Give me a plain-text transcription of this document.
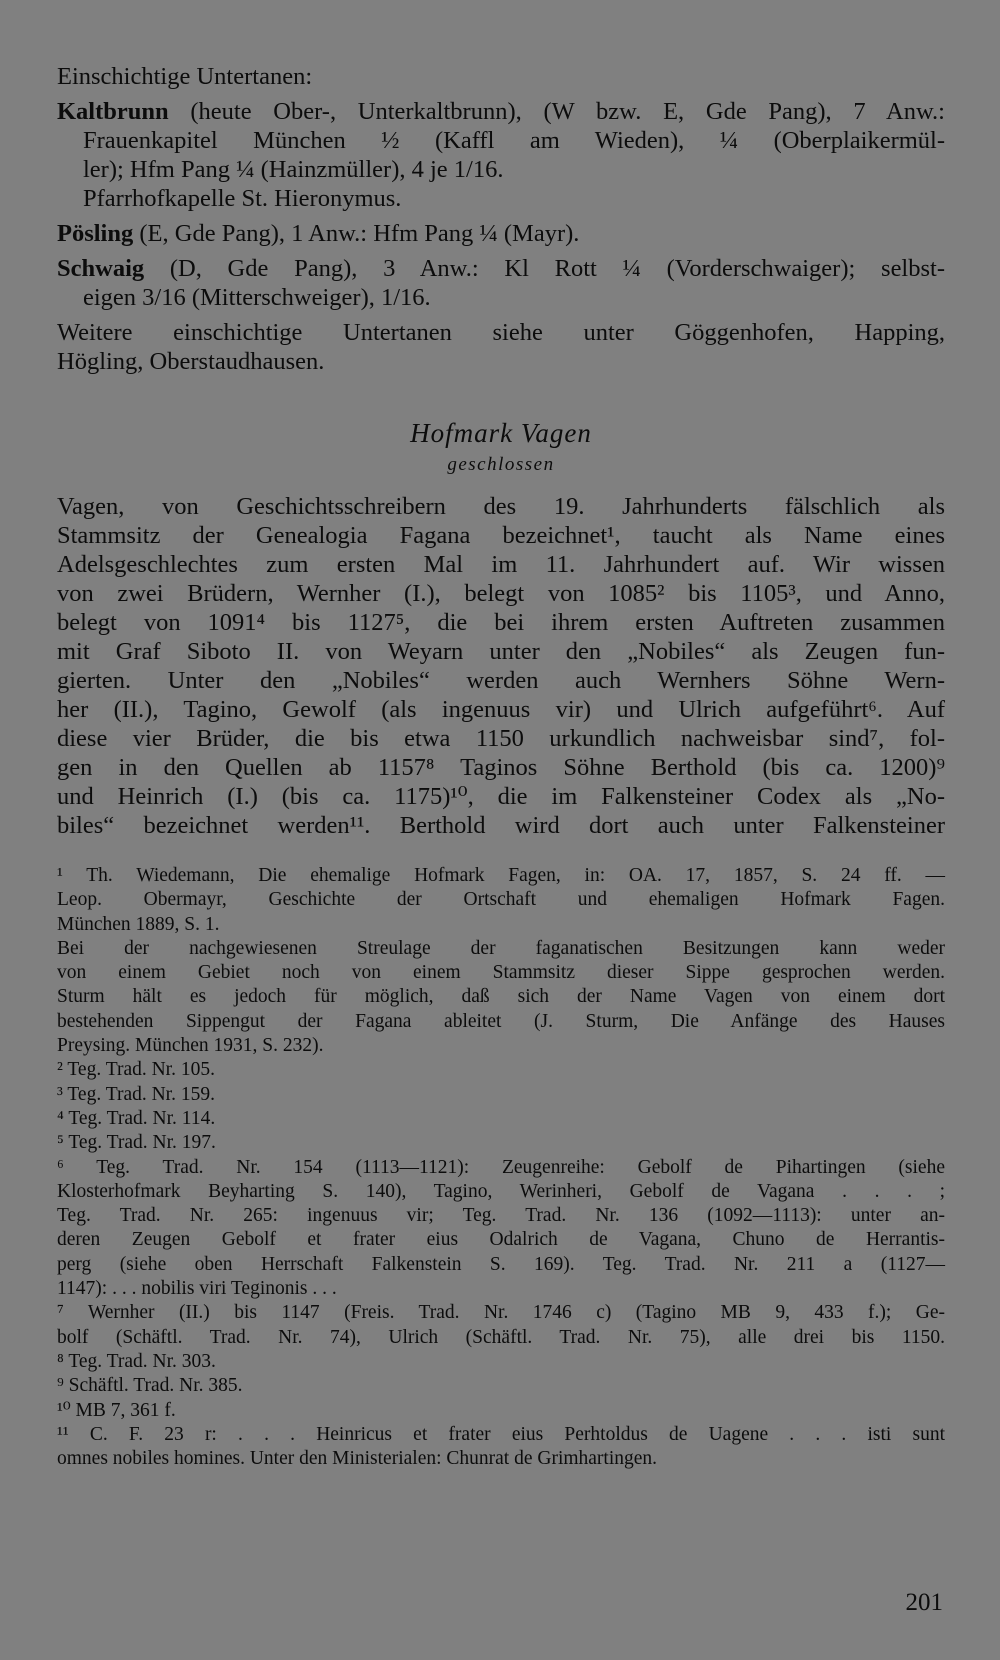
Einschichtige Untertanen:

Kaltbrunn (heute Ober-, Unterkaltbrunn), (W bzw. E, Gde Pang), 7 Anw.:

Frauenkapitel München ½ (Kaffl am Wieden), ¼ (Oberplaikermül-

ler); Hfm Pang ¼ (Hainzmüller), 4 je 1/16.

Pfarrhofkapelle St. Hieronymus.

Pösling (E, Gde Pang), 1 Anw.: Hfm Pang ¼ (Mayr).

Schwaig (D, Gde Pang), 3 Anw.: Kl Rott ¼ (Vorderschwaiger); selbst-

eigen 3/16 (Mitterschweiger), 1/16.

Weitere einschichtige Untertanen siehe unter Göggenhofen, Happing,

Högling, Oberstaudhausen.

Hofmark Vagen

geschlossen

Vagen, von Geschichtsschreibern des 19. Jahrhunderts fälschlich als

Stammsitz der Genealogia Fagana bezeichnet¹, taucht als Name eines

Adelsgeschlechtes zum ersten Mal im 11. Jahrhundert auf. Wir wissen

von zwei Brüdern, Wernher (I.), belegt von 1085² bis 1105³, und Anno,

belegt von 1091⁴ bis 1127⁵, die bei ihrem ersten Auftreten zusammen

mit Graf Siboto II. von Weyarn unter den „Nobiles“ als Zeugen fun-

gierten. Unter den „Nobiles“ werden auch Wernhers Söhne Wern-

her (II.), Tagino, Gewolf (als ingenuus vir) und Ulrich aufgeführt⁶. Auf

diese vier Brüder, die bis etwa 1150 urkundlich nachweisbar sind⁷, fol-

gen in den Quellen ab 1157⁸ Taginos Söhne Berthold (bis ca. 1200)⁹

und Heinrich (I.) (bis ca. 1175)¹⁰, die im Falkensteiner Codex als „No-

biles“ bezeichnet werden¹¹. Berthold wird dort auch unter Falkensteiner

¹ Th. Wiedemann, Die ehemalige Hofmark Fagen, in: OA. 17, 1857, S. 24 ff. —

Leop. Obermayr, Geschichte der Ortschaft und ehemaligen Hofmark Fagen.

München 1889, S. 1.

Bei der nachgewiesenen Streulage der faganatischen Besitzungen kann weder

von einem Gebiet noch von einem Stammsitz dieser Sippe gesprochen werden.

Sturm hält es jedoch für möglich, daß sich der Name Vagen von einem dort

bestehenden Sippengut der Fagana ableitet (J. Sturm, Die Anfänge des Hauses

Preysing. München 1931, S. 232).

² Teg. Trad. Nr. 105.

³ Teg. Trad. Nr. 159.

⁴ Teg. Trad. Nr. 114.

⁵ Teg. Trad. Nr. 197.

⁶ Teg. Trad. Nr. 154 (1113—1121): Zeugenreihe: Gebolf de Pihartingen (siehe

Klosterhofmark Beyharting S. 140), Tagino, Werinheri, Gebolf de Vagana . . . ;

Teg. Trad. Nr. 265: ingenuus vir; Teg. Trad. Nr. 136 (1092—1113): unter an-

deren Zeugen Gebolf et frater eius Odalrich de Vagana, Chuno de Herrantis-

perg (siehe oben Herrschaft Falkenstein S. 169). Teg. Trad. Nr. 211 a (1127—

1147): . . . nobilis viri Teginonis . . .

⁷ Wernher (II.) bis 1147 (Freis. Trad. Nr. 1746 c) (Tagino MB 9, 433 f.); Ge-

bolf (Schäftl. Trad. Nr. 74), Ulrich (Schäftl. Trad. Nr. 75), alle drei bis 1150.

⁸ Teg. Trad. Nr. 303.

⁹ Schäftl. Trad. Nr. 385.

¹⁰ MB 7, 361 f.

¹¹ C. F. 23 r: . . . Heinricus et frater eius Perhtoldus de Uagene . . . isti sunt

omnes nobiles homines. Unter den Ministerialen: Chunrat de Grimhartingen.

201
